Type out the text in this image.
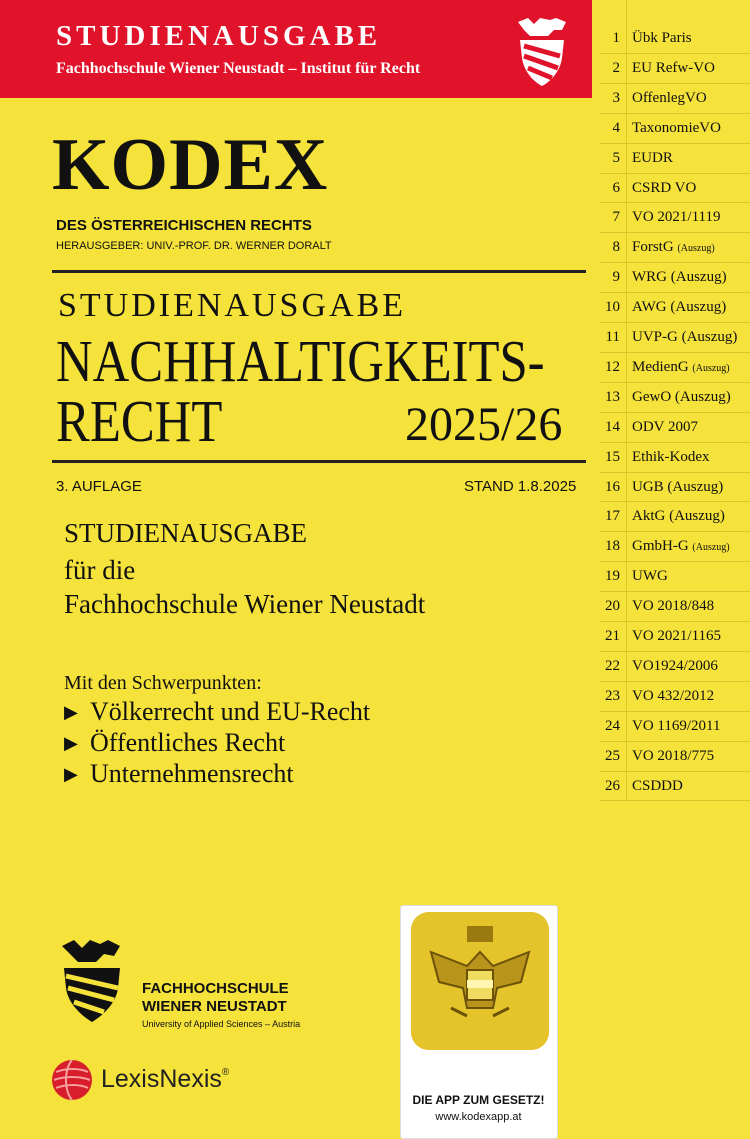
STUDIENAUSGABE
Fachhochschule Wiener Neustadt – Institut für Recht
KODEX
DES ÖSTERREICHISCHEN RECHTS
HERAUSGEBER: UNIV.-PROF. DR. WERNER DORALT
STUDIENAUSGABE
NACHHALTIGKEITS-
RECHT	2025/26
3. AUFLAGE	STAND 1.8.2025
STUDIENAUSGABE
für die
Fachhochschule Wiener Neustadt
Mit den Schwerpunkten:
▶ Völkerrecht und EU-Recht
▶ Öffentliches Recht
▶ Unternehmensrecht
FACHHOCHSCHULE
WIENER NEUSTADT
University of Applied Sciences – Austria
LexisNexis®
DIE APP ZUM GESETZ!
www.kodexapp.at
1 Übk Paris
2 EU Refw-VO
3 OffenlegVO
4 TaxonomieVO
5 EUDR
6 CSRD VO
7 VO 2021/1119
8 ForstG (Auszug)
9 WRG (Auszug)
10 AWG (Auszug)
11 UVP-G (Auszug)
12 MedienG (Auszug)
13 GewO (Auszug)
14 ODV 2007
15 Ethik-Kodex
16 UGB (Auszug)
17 AktG (Auszug)
18 GmbH-G (Auszug)
19 UWG
20 VO 2018/848
21 VO 2021/1165
22 VO1924/2006
23 VO 432/2012
24 VO 1169/2011
25 VO 2018/775
26 CSDDD
